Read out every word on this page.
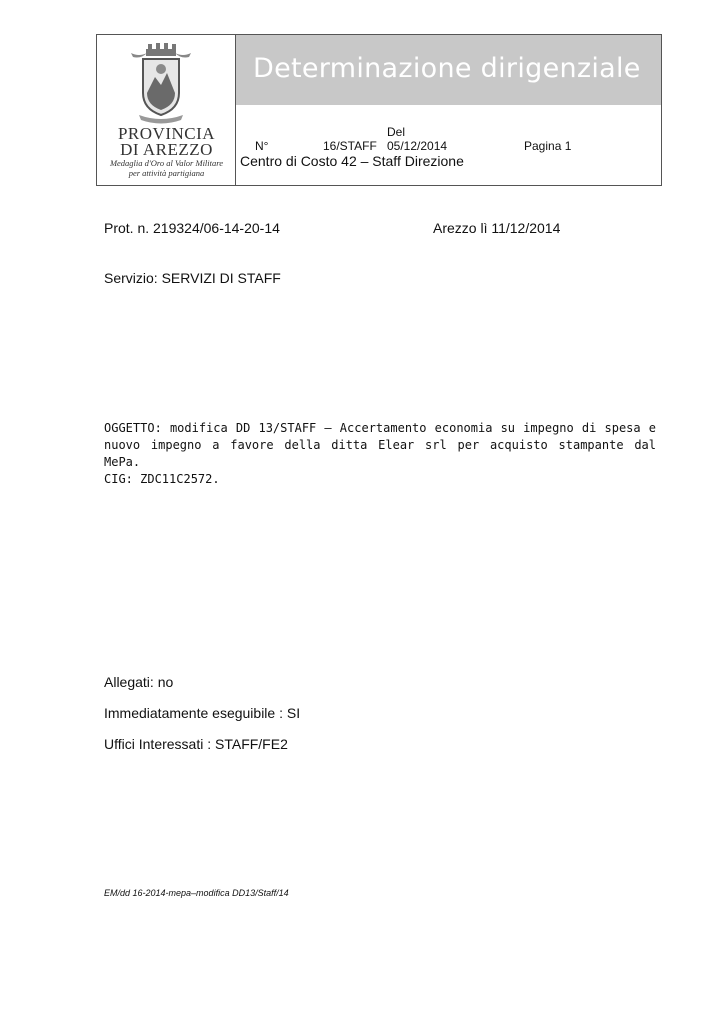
PROVINCIA
DI AREZZO
Medaglia d'Oro al Valor Militare
per attività partigiana
Determinazione dirigenziale
Del
N°	16/STAFF 05/12/2014	Pagina 1
Centro di Costo 42 – Staff Direzione
Prot. n. 219324/06-14-20-14	Arezzo lì 11/12/2014
Servizio: SERVIZI DI STAFF
OGGETTO: modifica DD 13/STAFF – Accertamento economia su impegno di spesa e
nuovo impegno a favore della ditta Elear srl per acquisto stampante dal MePa.
CIG: ZDC11C2572.
Allegati: no
Immediatamente eseguibile : SI
Uffici Interessati : STAFF/FE2
EM/dd 16-2014-mepa–modifica DD13/Staff/14
